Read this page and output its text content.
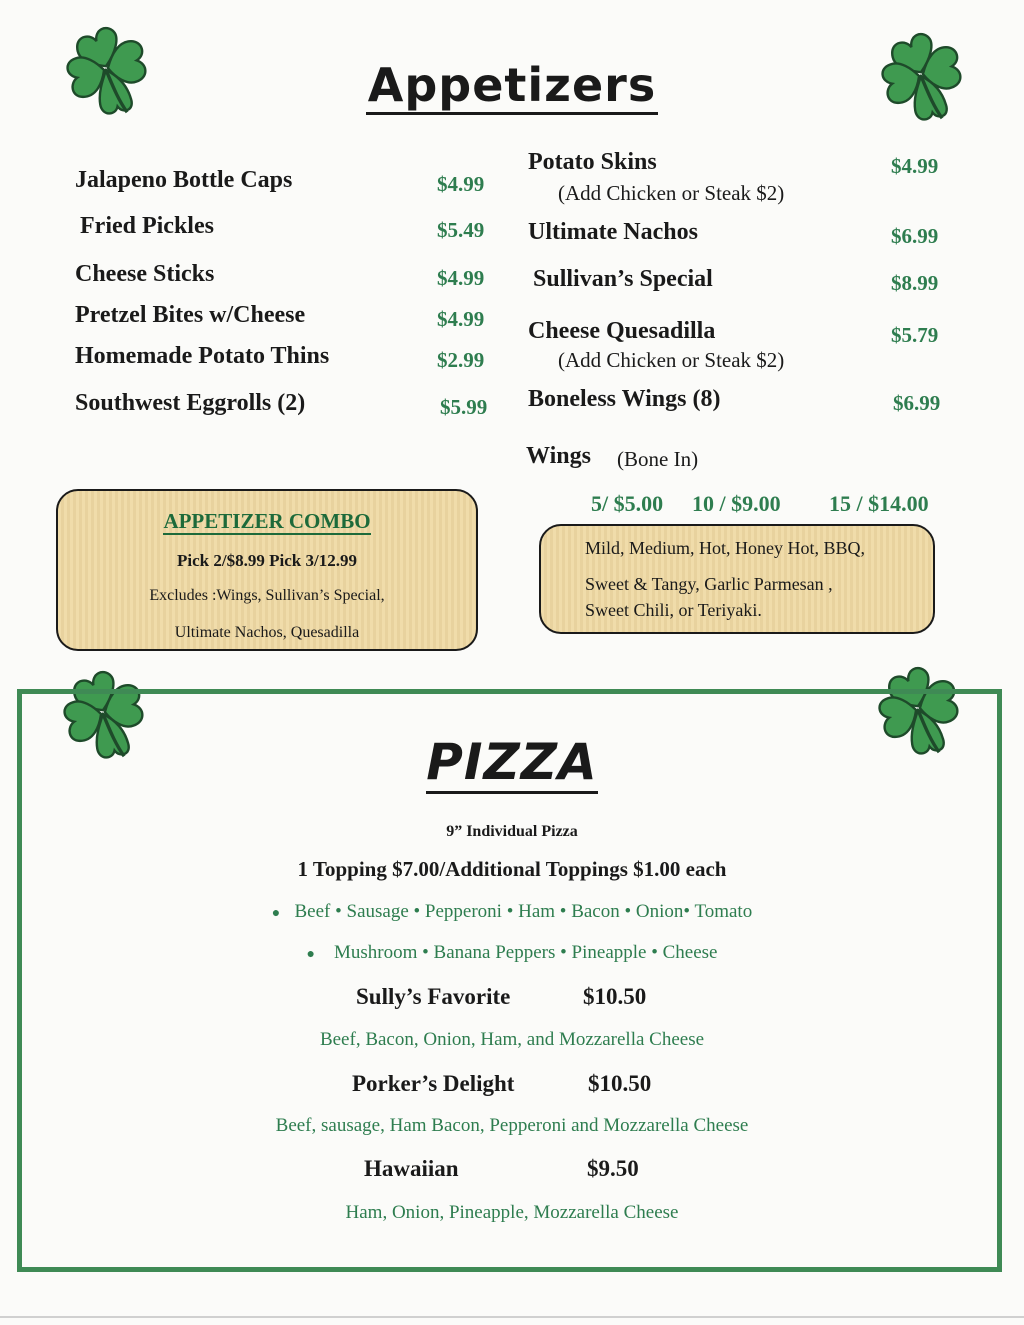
Appetizers
Jalapeno Bottle Caps	$4.99
Fried Pickles	$5.49
Cheese Sticks	$4.99
Pretzel Bites w/Cheese	$4.99
Homemade Potato Thins	$2.99
Southwest Eggrolls (2)	$5.99
Potato Skins	$4.99
(Add Chicken or Steak $2)
Ultimate Nachos	$6.99
Sullivan’s Special	$8.99
Cheese Quesadilla	$5.79
(Add Chicken or Steak $2)
Boneless Wings (8)	$6.99
Wings (Bone In)
5/ $5.00 10 / $9.00 15 / $14.00
Mild, Medium, Hot, Honey Hot, BBQ,
Sweet & Tangy, Garlic Parmesan ,
Sweet Chili, or Teriyaki.
APPETIZER COMBO
Pick 2/$8.99 Pick 3/12.99
Excludes :Wings, Sullivan’s Special,
Ultimate Nachos, Quesadilla
PIZZA
9” Individual Pizza
1 Topping $7.00/Additional Toppings $1.00 each
● Beef • Sausage • Pepperoni • Ham • Bacon • Onion• Tomato
● Mushroom • Banana Peppers • Pineapple • Cheese
Sully’s Favorite	$10.50
Beef, Bacon, Onion, Ham, and Mozzarella Cheese
Porker’s Delight	$10.50
Beef, sausage, Ham Bacon, Pepperoni and Mozzarella Cheese
Hawaiian	$9.50
Ham, Onion, Pineapple, Mozzarella Cheese
